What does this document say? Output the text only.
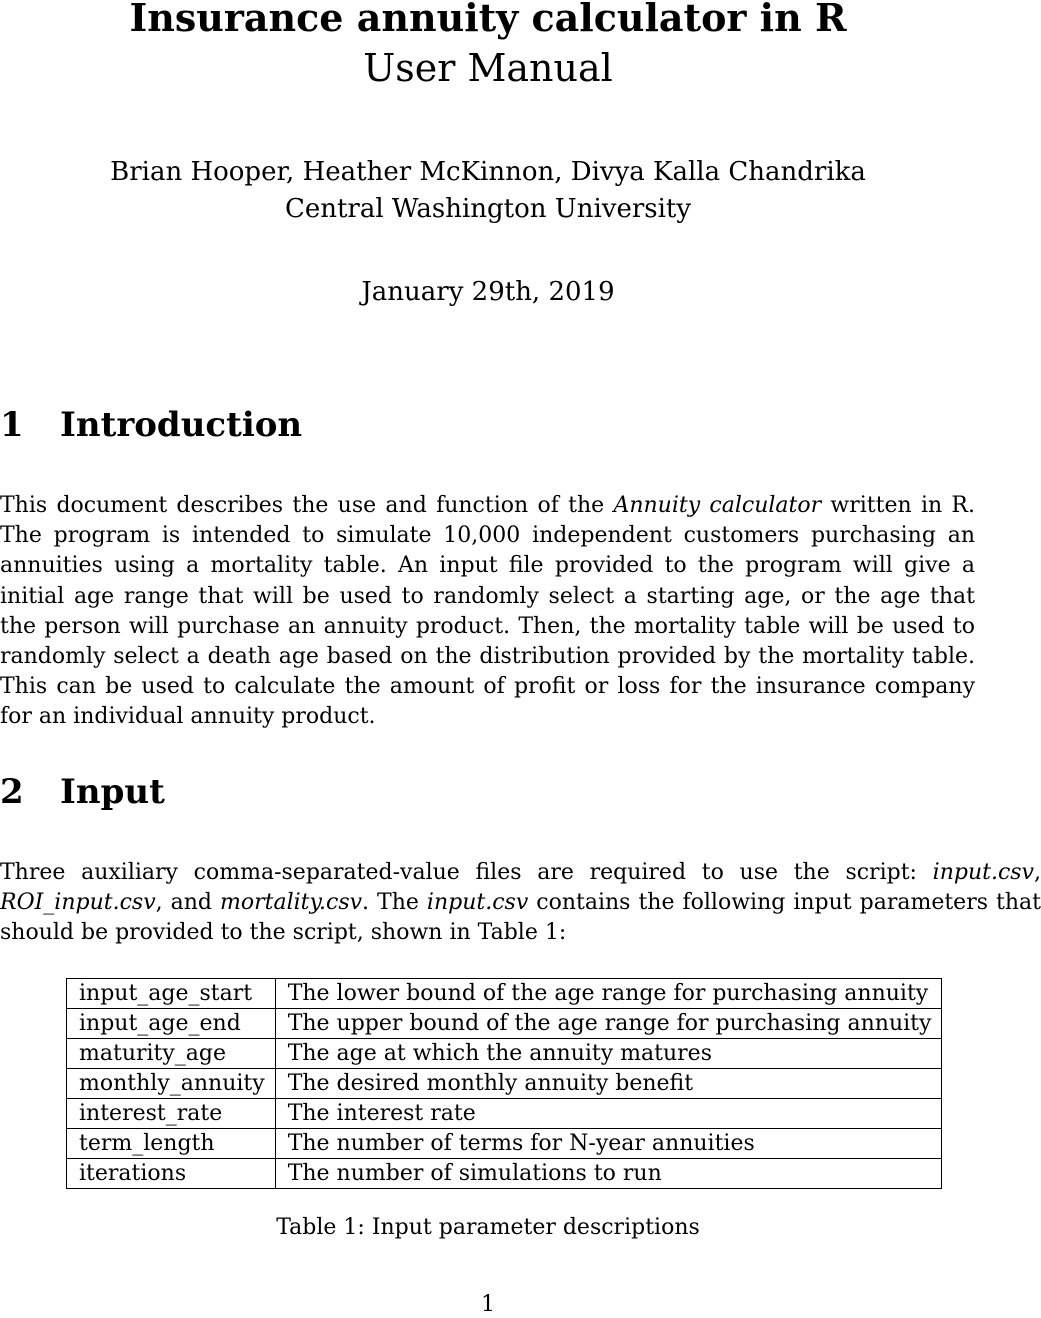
Insurance annuity calculator in R
User Manual
Brian Hooper, Heather McKinnon, Divya Kalla Chandrika
Central Washington University
January 29th, 2019
1 Introduction

This document describes the use and function of the Annuity calculator written in R. The program is intended to simulate 10,000 independent customers purchasing an annuities using a mortality table. An input file provided to the program will give a initial age range that will be used to randomly select a starting age, or the age that the person will purchase an annuity product. Then, the mortality table will be used to randomly select a death age based on the distribution provided by the mortality table. This can be used to calculate the amount of profit or loss for the insurance company for an individual annuity product.

2 Input

Three auxiliary comma-separated-value files are required to use the script: input.csv, ROI_input.csv, and mortality.csv. The input.csv contains the following input parameters that should be provided to the script, shown in Table 1:

input_age_start	The lower bound of the age range for purchasing annuity
input_age_end	The upper bound of the age range for purchasing annuity
maturity_age	The age at which the annuity matures
monthly_annuity	The desired monthly annuity benefit
interest_rate	The interest rate
term_length	The number of terms for N-year annuities
iterations	The number of simulations to run
Table 1: Input parameter descriptions
1
